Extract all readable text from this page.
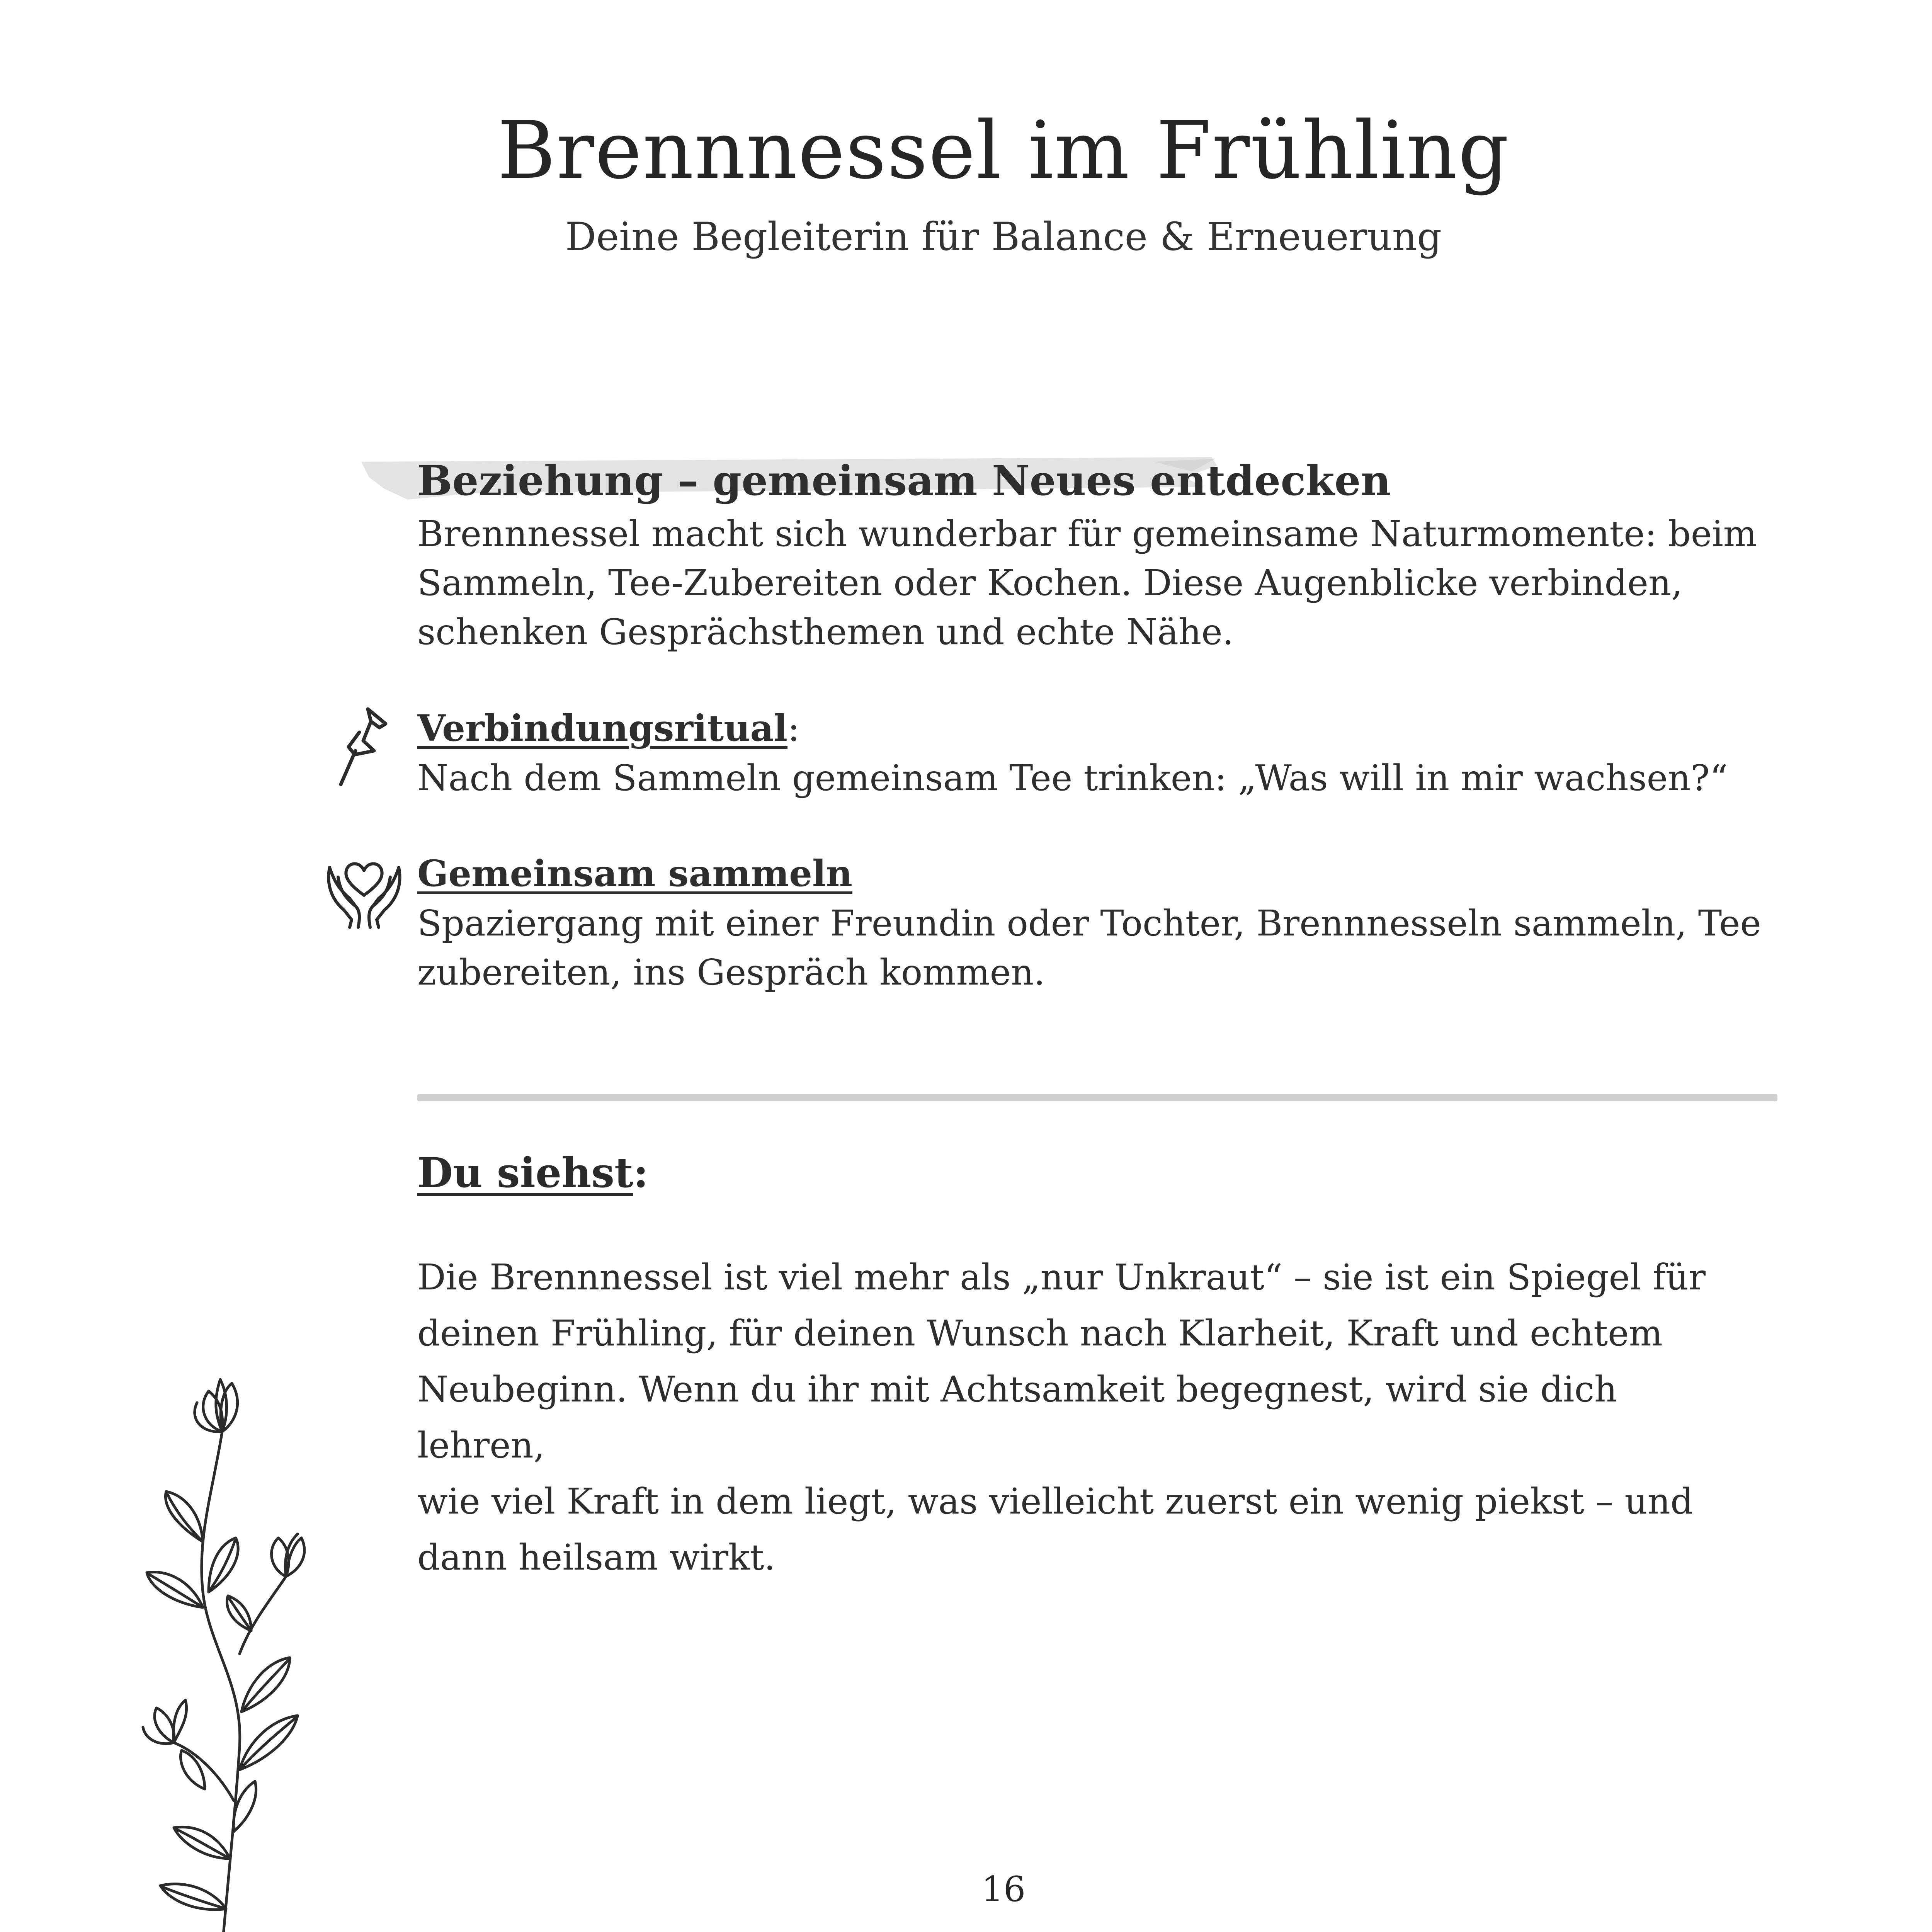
Brennnessel im Frühling
Deine Begleiterin für Balance & Erneuerung
Beziehung – gemeinsam Neues entdecken
Brennnessel macht sich wunderbar für gemeinsame Naturmomente: beim
Sammeln, Tee-Zubereiten oder Kochen. Diese Augenblicke verbinden,
schenken Gesprächsthemen und echte Nähe.
Verbindungsritual:
Nach dem Sammeln gemeinsam Tee trinken: „Was will in mir wachsen?“
Gemeinsam sammeln
Spaziergang mit einer Freundin oder Tochter, Brennnesseln sammeln, Tee
zubereiten, ins Gespräch kommen.
Du siehst:
Die Brennnessel ist viel mehr als „nur Unkraut“ – sie ist ein Spiegel für
deinen Frühling, für deinen Wunsch nach Klarheit, Kraft und echtem
Neubeginn. Wenn du ihr mit Achtsamkeit begegnest, wird sie dich lehren,
wie viel Kraft in dem liegt, was vielleicht zuerst ein wenig piekst – und
dann heilsam wirkt.
16
